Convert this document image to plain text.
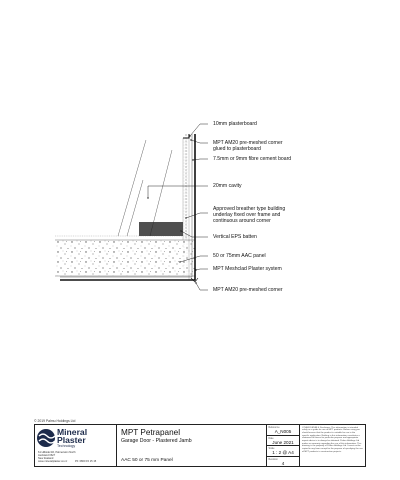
10mm plasterboard

MPT AM20 pre-meshed corner
glued to plasterboard

7.5mm or 9mm fibre cement board

20mm cavity

Approved breather type building
underlay fixed over frame and
continuous around corner

Vertical EPS batten

50 or 75mm AAC panel

MPT Meshclad Plaster system

MPT AM20 pre-meshed corner

© 2019 Palmu Holdings Ltd
Mineral
Plaster
Technology
61 Hillside Rd, Palmerston North
Auckland 0627
New Zealand
www.mineralplaster.co.nz	Ph: 0800 15 15 15
MPT Petrapanel
Garage Door - Plastered Jamb
AAC 50 or 75 mm Panel
Reference
A_N005
Date
June 2021
Scale
1 : 2 @ A4
Revision
4

OTHER DETAILS Disclaimer: This information is intended solely as a guide for use of MPT products. Before using you should ensure that the product is suitable for use in the specific application. Nothing in this information constitutes a statement of fitness for particular purpose and appropriate expert advice is to always be obtained. Palmu Holdings Ltd makes no warranty regarding the use of this information. This drawing is the property of Palmu Holdings Ltd. It must not be copied in any form except for the purpose of specifying the use of MPT products in construction projects.
